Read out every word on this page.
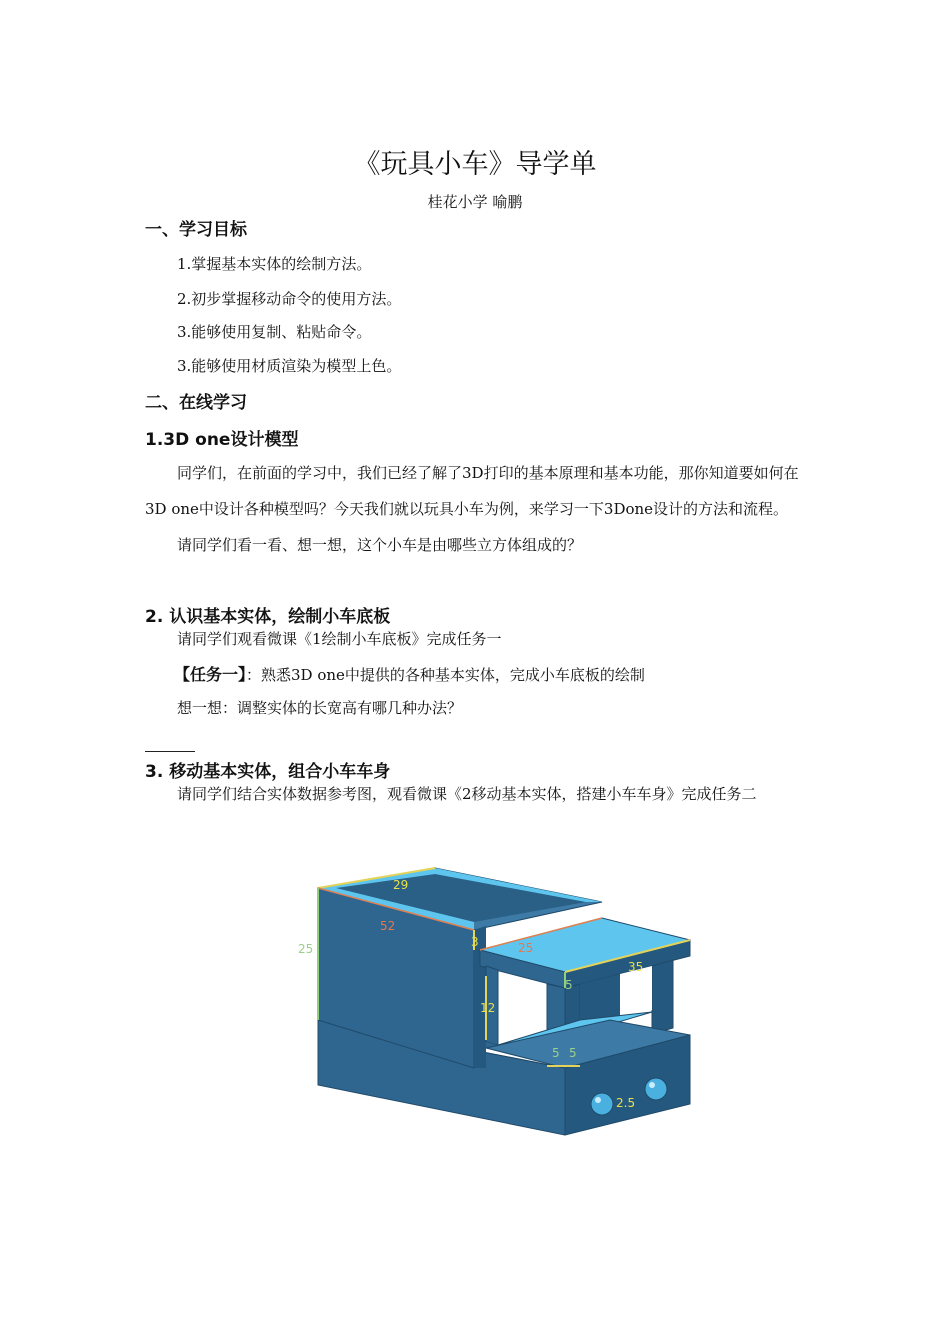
《玩具小车》导学单
桂花小学 喻鹏
一、学习目标
1.掌握基本实体的绘制方法。
2.初步掌握移动命令的使用方法。
3.能够使用复制、粘贴命令。
3.能够使用材质渲染为模型上色。
二、在线学习
1.3D one设计模型

同学们，在前面的学习中，我们已经了解了3D打印的基本原理和基本功能，那你知道要如何在3D one中设计各种模型吗？今天我们就以玩具小车为例，来学习一下3Done设计的方法和流程。

请同学们看一看、想一想，这个小车是由哪些立方体组成的？

2. 认识基本实体，绘制小车底板
请同学们观看微课《1绘制小车底板》完成任务一
【任务一】：熟悉3D one中提供的各种基本实体，完成小车底板的绘制
想一想：调整实体的长宽高有哪几种办法？
3. 移动基本实体，组合小车车身

请同学们结合实体数据参考图，观看微课《2移动基本实体，搭建小车车身》完成任务二

29
52
25	3	25
35
12
5
5 5
2.5
